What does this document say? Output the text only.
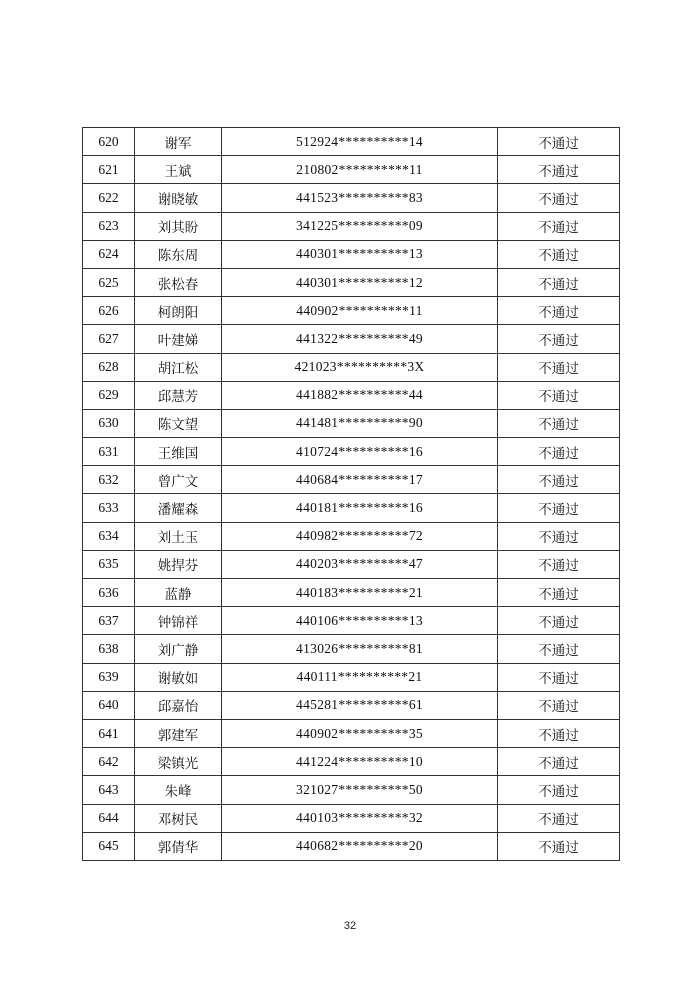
620	谢军	512924**********14	不通过
621	王斌	210802**********11	不通过
622	谢晓敏	441523**********83	不通过
623	刘其盼	341225**********09	不通过
624	陈东周	440301**********13	不通过
625	张松春	440301**********12	不通过
626	柯朗阳	440902**********11	不通过
627	叶建娣	441322**********49	不通过
628	胡江松	421023**********3X	不通过
629	邱慧芳	441882**********44	不通过
630	陈文望	441481**********90	不通过
631	王维国	410724**********16	不通过
632	曾广文	440684**********17	不通过
633	潘耀森	440181**********16	不通过
634	刘土玉	440982**********72	不通过
635	姚捍芬	440203**********47	不通过
636	蓝静	440183**********21	不通过
637	钟锦祥	440106**********13	不通过
638	刘广静	413026**********81	不通过
639	谢敏如	440111**********21	不通过
640	邱嘉怡	445281**********61	不通过
641	郭建军	440902**********35	不通过
642	梁镇光	441224**********10	不通过
643	朱峰	321027**********50	不通过
644	邓树民	440103**********32	不通过
645	郭倩华	440682**********20	不通过
32
